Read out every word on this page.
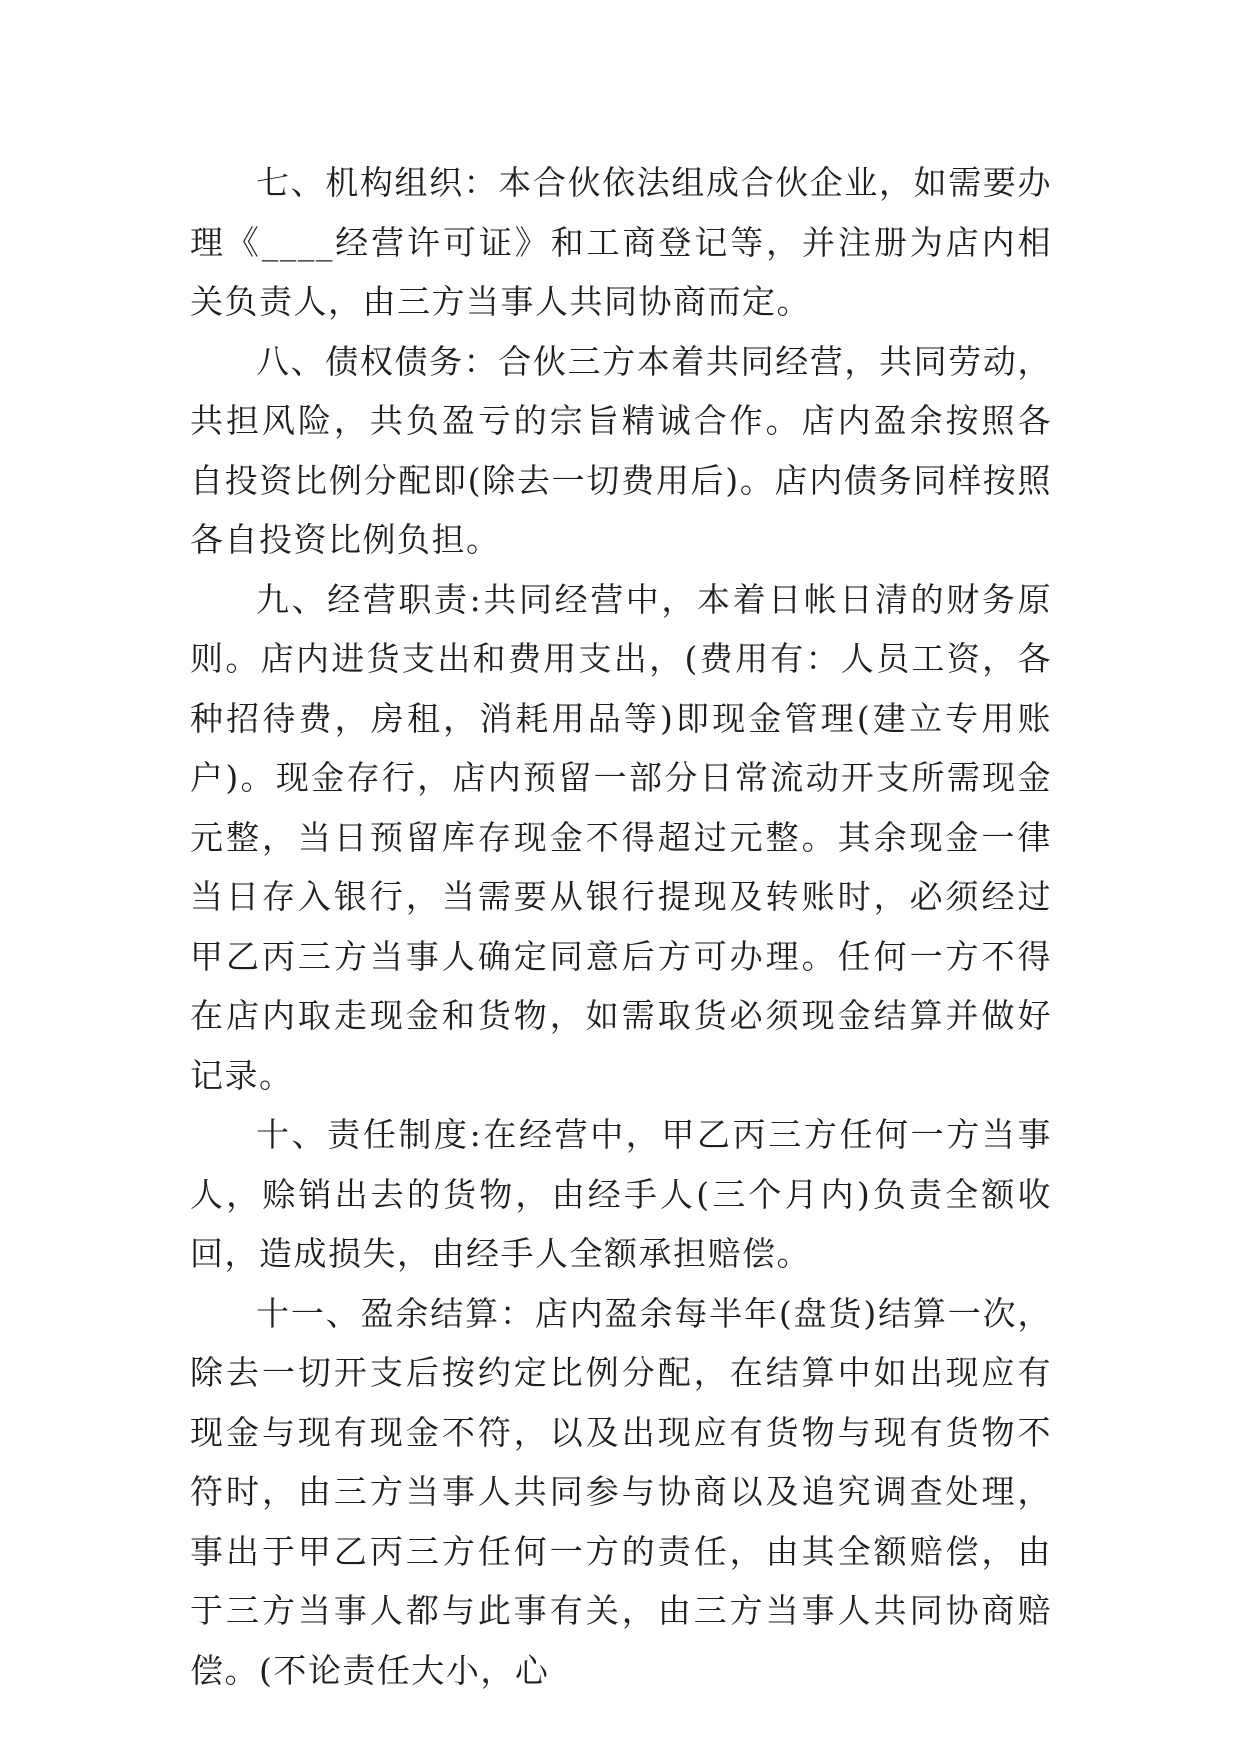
七、机构组织：本合伙依法组成合伙企业，如需要办理《____经营许可证》和工商登记等，并注册为店内相关负责人，由三方当事人共同协商而定。

八、债权债务：合伙三方本着共同经营，共同劳动，共担风险，共负盈亏的宗旨精诚合作。店内盈余按照各自投资比例分配即(除去一切费用后)。店内债务同样按照各自投资比例负担。

九、经营职责:共同经营中，本着日帐日清的财务原则。店内进货支出和费用支出，(费用有：人员工资，各种招待费，房租，消耗用品等)即现金管理(建立专用账户)。现金存行，店内预留一部分日常流动开支所需现金元整，当日预留库存现金不得超过元整。其余现金一律当日存入银行，当需要从银行提现及转账时，必须经过甲乙丙三方当事人确定同意后方可办理。任何一方不得在店内取走现金和货物，如需取货必须现金结算并做好记录。

十、责任制度:在经营中，甲乙丙三方任何一方当事人，赊销出去的货物，由经手人(三个月内)负责全额收回，造成损失，由经手人全额承担赔偿。

十一、盈余结算：店内盈余每半年(盘货)结算一次，除去一切开支后按约定比例分配，在结算中如出现应有现金与现有现金不符，以及出现应有货物与现有货物不符时，由三方当事人共同参与协商以及追究调查处理，事出于甲乙丙三方任何一方的责任，由其全额赔偿，由于三方当事人都与此事有关，由三方当事人共同协商赔偿。(不论责任大小，心
